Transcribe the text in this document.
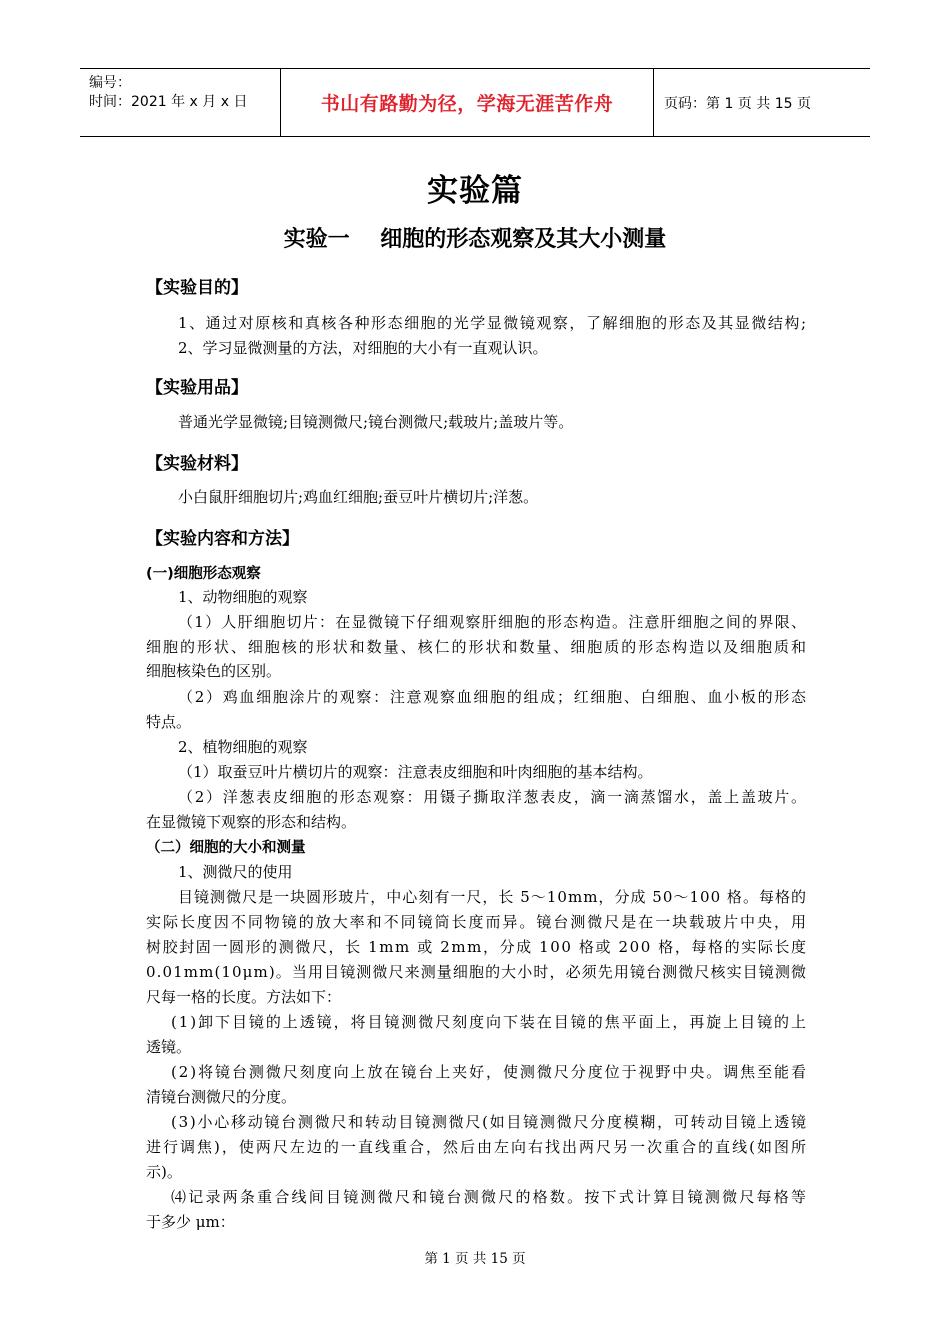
编号：
时间：2021 年 x 月 x 日	书山有路勤为径，学海无涯苦作舟	页码：第 1 页 共 15 页
实验篇
实验一    细胞的形态观察及其大小测量
【实验目的】
1、通过对原核和真核各种形态细胞的光学显微镜观察，了解细胞的形态及其显微结构;
2、学习显微测量的方法，对细胞的大小有一直观认识。
【实验用品】
普通光学显微镜;目镜测微尺;镜台测微尺;载玻片;盖玻片等。
【实验材料】
小白鼠肝细胞切片;鸡血红细胞;蚕豆叶片横切片;洋葱。
【实验内容和方法】
(一)细胞形态观察
1、动物细胞的观察
（1）人肝细胞切片：在显微镜下仔细观察肝细胞的形态构造。注意肝细胞之间的界限、
细胞的形状、细胞核的形状和数量、核仁的形状和数量、细胞质的形态构造以及细胞质和
细胞核染色的区别。
（2）鸡血细胞涂片的观察：注意观察血细胞的组成；红细胞、白细胞、血小板的形态
特点。
2、植物细胞的观察
（1）取蚕豆叶片横切片的观察：注意表皮细胞和叶肉细胞的基本结构。
（2）洋葱表皮细胞的形态观察：用镊子撕取洋葱表皮，滴一滴蒸馏水，盖上盖玻片。
在显微镜下观察的形态和结构。
（二）细胞的大小和测量
1、测微尺的使用
目镜测微尺是一块圆形玻片，中心刻有一尺，长 5～10mm，分成 50～100 格。每格的
实际长度因不同物镜的放大率和不同镜筒长度而异。镜台测微尺是在一块载玻片中央，用
树胶封固一圆形的测微尺，长 1mm 或 2mm，分成 100 格或 200 格，每格的实际长度
0.01mm(10μm)。当用目镜测微尺来测量细胞的大小时，必须先用镜台测微尺核实目镜测微
尺每一格的长度。方法如下：
(1)卸下目镜的上透镜，将目镜测微尺刻度向下装在目镜的焦平面上，再旋上目镜的上
透镜。
(2)将镜台测微尺刻度向上放在镜台上夹好，使测微尺分度位于视野中央。调焦至能看
清镜台测微尺的分度。
(3)小心移动镜台测微尺和转动目镜测微尺(如目镜测微尺分度模糊，可转动目镜上透镜
进行调焦)，使两尺左边的一直线重合，然后由左向右找出两尺另一次重合的直线(如图所
示)。
⑷记录两条重合线间目镜测微尺和镜台测微尺的格数。按下式计算目镜测微尺每格等
于多少 μm：
第 1 页 共 15 页
